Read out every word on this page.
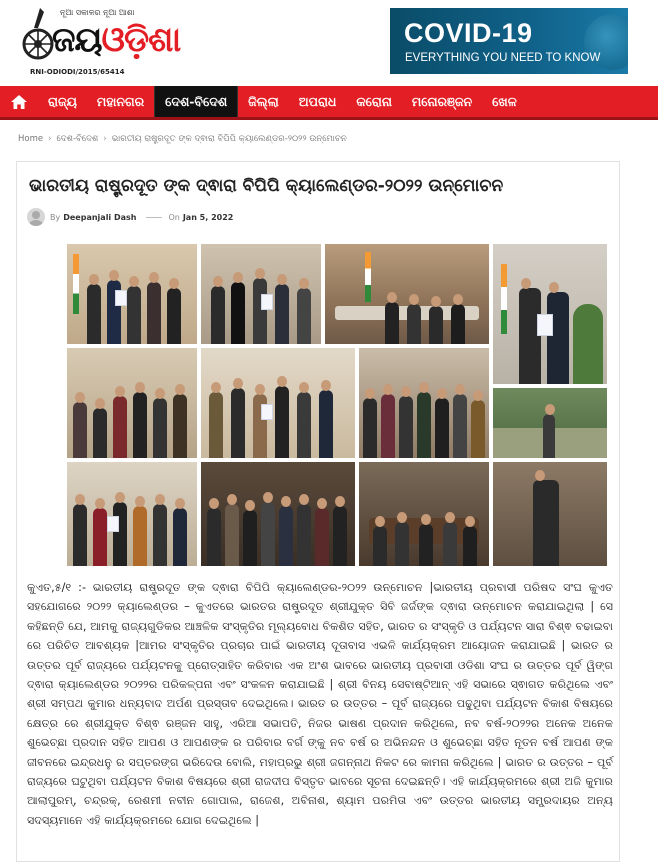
ନୂଆ ସକାଳର ନୂଆ ଆଶା
ଜୟଓଡ଼ିଶା
RNI-ODIODI/2015/65414
COVID-19
EVERYTHING YOU NEED TO KNOW
ରାଜ୍ୟ	ମହାନଗର	ଦେଶ-ବିଦେଶ	ଜିଲ୍ଲା	ଅପରାଧ	କରୋନା	ମନୋରଞ୍ଜନ	ଖେଳ
Home › ଦେଶ-ବିଦେଶ › ଭାରତୀୟ ରାଷ୍ଟ୍ରଦୂତ ଙ୍କ ଦ୍ଵାରା ବିପିପି କ୍ୟାଲେଣ୍ଡର-୨୦୨୨ ଉନ୍ମୋଚନ
ଭାରତୀୟ ରାଷ୍ଟ୍ରଦୂତ ଙ୍କ ଦ୍ଵାରା ବିପିପି କ୍ୟାଲେଣ୍ଡର-୨୦୨୨ ଉନ୍ମୋଚନ
By Deepanjali Dash	On Jan 5, 2022

କୁଏତ,୫/୧ :- ଭାରତୀୟ ରାଷ୍ଟ୍ରଦୂତ ଙ୍କ ଦ୍ଵାରା ବିପିପି କ୍ୟାଲେଣ୍ଡର-୨୦୨୨ ଉନ୍ମୋଚନ |ଭାରତୀୟ ପ୍ରବାସୀ ପରିଷଦ ସଂଘ କୁଏତ ସହଯୋଗରେ ୨୦୨୨ କ୍ୟାଲେଣ୍ଡର – କୁଏତରେ ଭାରତର ରାଷ୍ଟ୍ରଦୂତ ଶ୍ରୀଯୁକ୍ତ ସିବି ଜର୍ଜଙ୍କ ଦ୍ଵାରା ଉନ୍ମୋଚନ କରାଯାଇଥିଲା | ସେ କହିଛନ୍ତି ଯେ, ଆମକୁ ରାଜ୍ୟଗୁଡିକର ଆଞ୍ଚଳିକ ସଂସ୍କୃତିର ମୂଲ୍ୟବୋଧ ବିକଶିତ ସହିତ, ଭାରତ ର ସଂସ୍କୃତି ଓ ପର୍ଯ୍ୟଟନ ସାରା ବିଶ୍ଵ ବଢାଇବା ରେ ପରିଚିତ ଆବଶ୍ୟକ |ଆମର ସଂସ୍କୃତିର ପ୍ରଚାର ପାଇଁ ଭାରତୀୟ ଦୂତାବାସ ଏଭଳି କାର୍ଯ୍ୟକ୍ରମ ଆୟୋଜନ କରାଯାଇଛି | ଭାରତ ର ଉତ୍ତର ପୂର୍ବ ରାଜ୍ୟରେ ପର୍ଯ୍ୟଟନକୁ ପ୍ରୋତ୍ସାହିତ କରିବାର ଏକ ଅଂଶ ଭାବରେ ଭାରତୀୟ ପ୍ରବାସୀ ଓଡିଶା ସଂଘ ର ଉତ୍ତର ପୂର୍ବ ୱିଙ୍ଗ ଦ୍ଵାରା କ୍ୟାଲେଣ୍ଡର ୨୦୨୨ର ପରିକଳ୍ପନା ଏବଂ ସଂକଳନ କରାଯାଇଛି | ଶ୍ରୀ ବିନୟ ସେବାଷ୍ଟିଆନ୍ ଏହି ସଭାରେ ସ୍ଵାଗତ କରିଥିଲେ ଏବଂ ଶ୍ରୀ ସମ୍ପଥ କୁମାର ଧନ୍ୟବାଦ ଅର୍ପଣ ପ୍ରସ୍ତାବ ଦେଇଥିଲେ। ଭାରତ ର ଉତ୍ତର – ପୂର୍ବ ରାଜ୍ୟରେ ପଢୁଥିବା ପର୍ଯ୍ୟଟନ ବିକାଶ ବିଷୟରେ କ୍ଷେତ୍ର ରେ ଶ୍ରୀଯୁକ୍ତ ବିଶ୍ଵ ରଞ୍ଜନ ସାହୁ, ଏରିଆ ସଭାପତି, ନିଜର ଭାଷଣ ପ୍ରଦାନ କରିଥିଲେ, ନବ ବର୍ଷ-୨୦୨୨ର ଅନେକ ଅନେକ ଶୁଭେଚ୍ଛା ପ୍ରଦାନ ସହିତ ଆପଣ ଓ ଆପଣଙ୍କ ର ପରିବାର ବର୍ଗ ଙ୍କୁ ନବ ବର୍ଷ ର ଅଭିନନ୍ଦନ ଓ ଶୁଭେଚ୍ଛା ସହିତ ନୂତନ ବର୍ଷ ଆପଣ ଙ୍କ ଜୀବନରେ ଇନ୍ଦ୍ରଧନୁ ର ସପ୍ତରଙ୍ଗ ଭରିଦେଉ ବୋଲି, ମହାପ୍ରଭୁ ଶ୍ରୀ ଜଗନ୍ନାଥ ନିକଟ ରେ କାମନା କରିଥିଲେ | ଭାରତ ର ଉତ୍ତର – ପୂର୍ବ ରାଜ୍ୟରେ ଘଟୁଥିବା ପର୍ଯ୍ୟଟନ ବିକାଶ ବିଷୟରେ ଶ୍ରୀ ରାଜଦୀପ ବିସ୍ତୃତ ଭାବରେ ସୂଚନା ଦେଇଛନ୍ତି। ଏହି କାର୍ଯ୍ୟକ୍ରମରେ ଶ୍ରୀ ଅଜି କୁମାର ଆଲାପୁରମ୍, ଚନ୍ଦ୍ରକ୍, ରେଶମୀ ନବୀନ ଗୋପାଲ, ରାଜେଶ, ଅବିନାଶ, ଶ୍ୟାମ ପରମିତା ଏବଂ ଉତ୍ତର ଭାରତୀୟ ସମ୍ପ୍ରଦାୟର ଅନ୍ୟ ସଦସ୍ୟମାନେ ଏହି କାର୍ଯ୍ୟକ୍ରମରେ ଯୋଗ ଦେଇଥିଲେ |
